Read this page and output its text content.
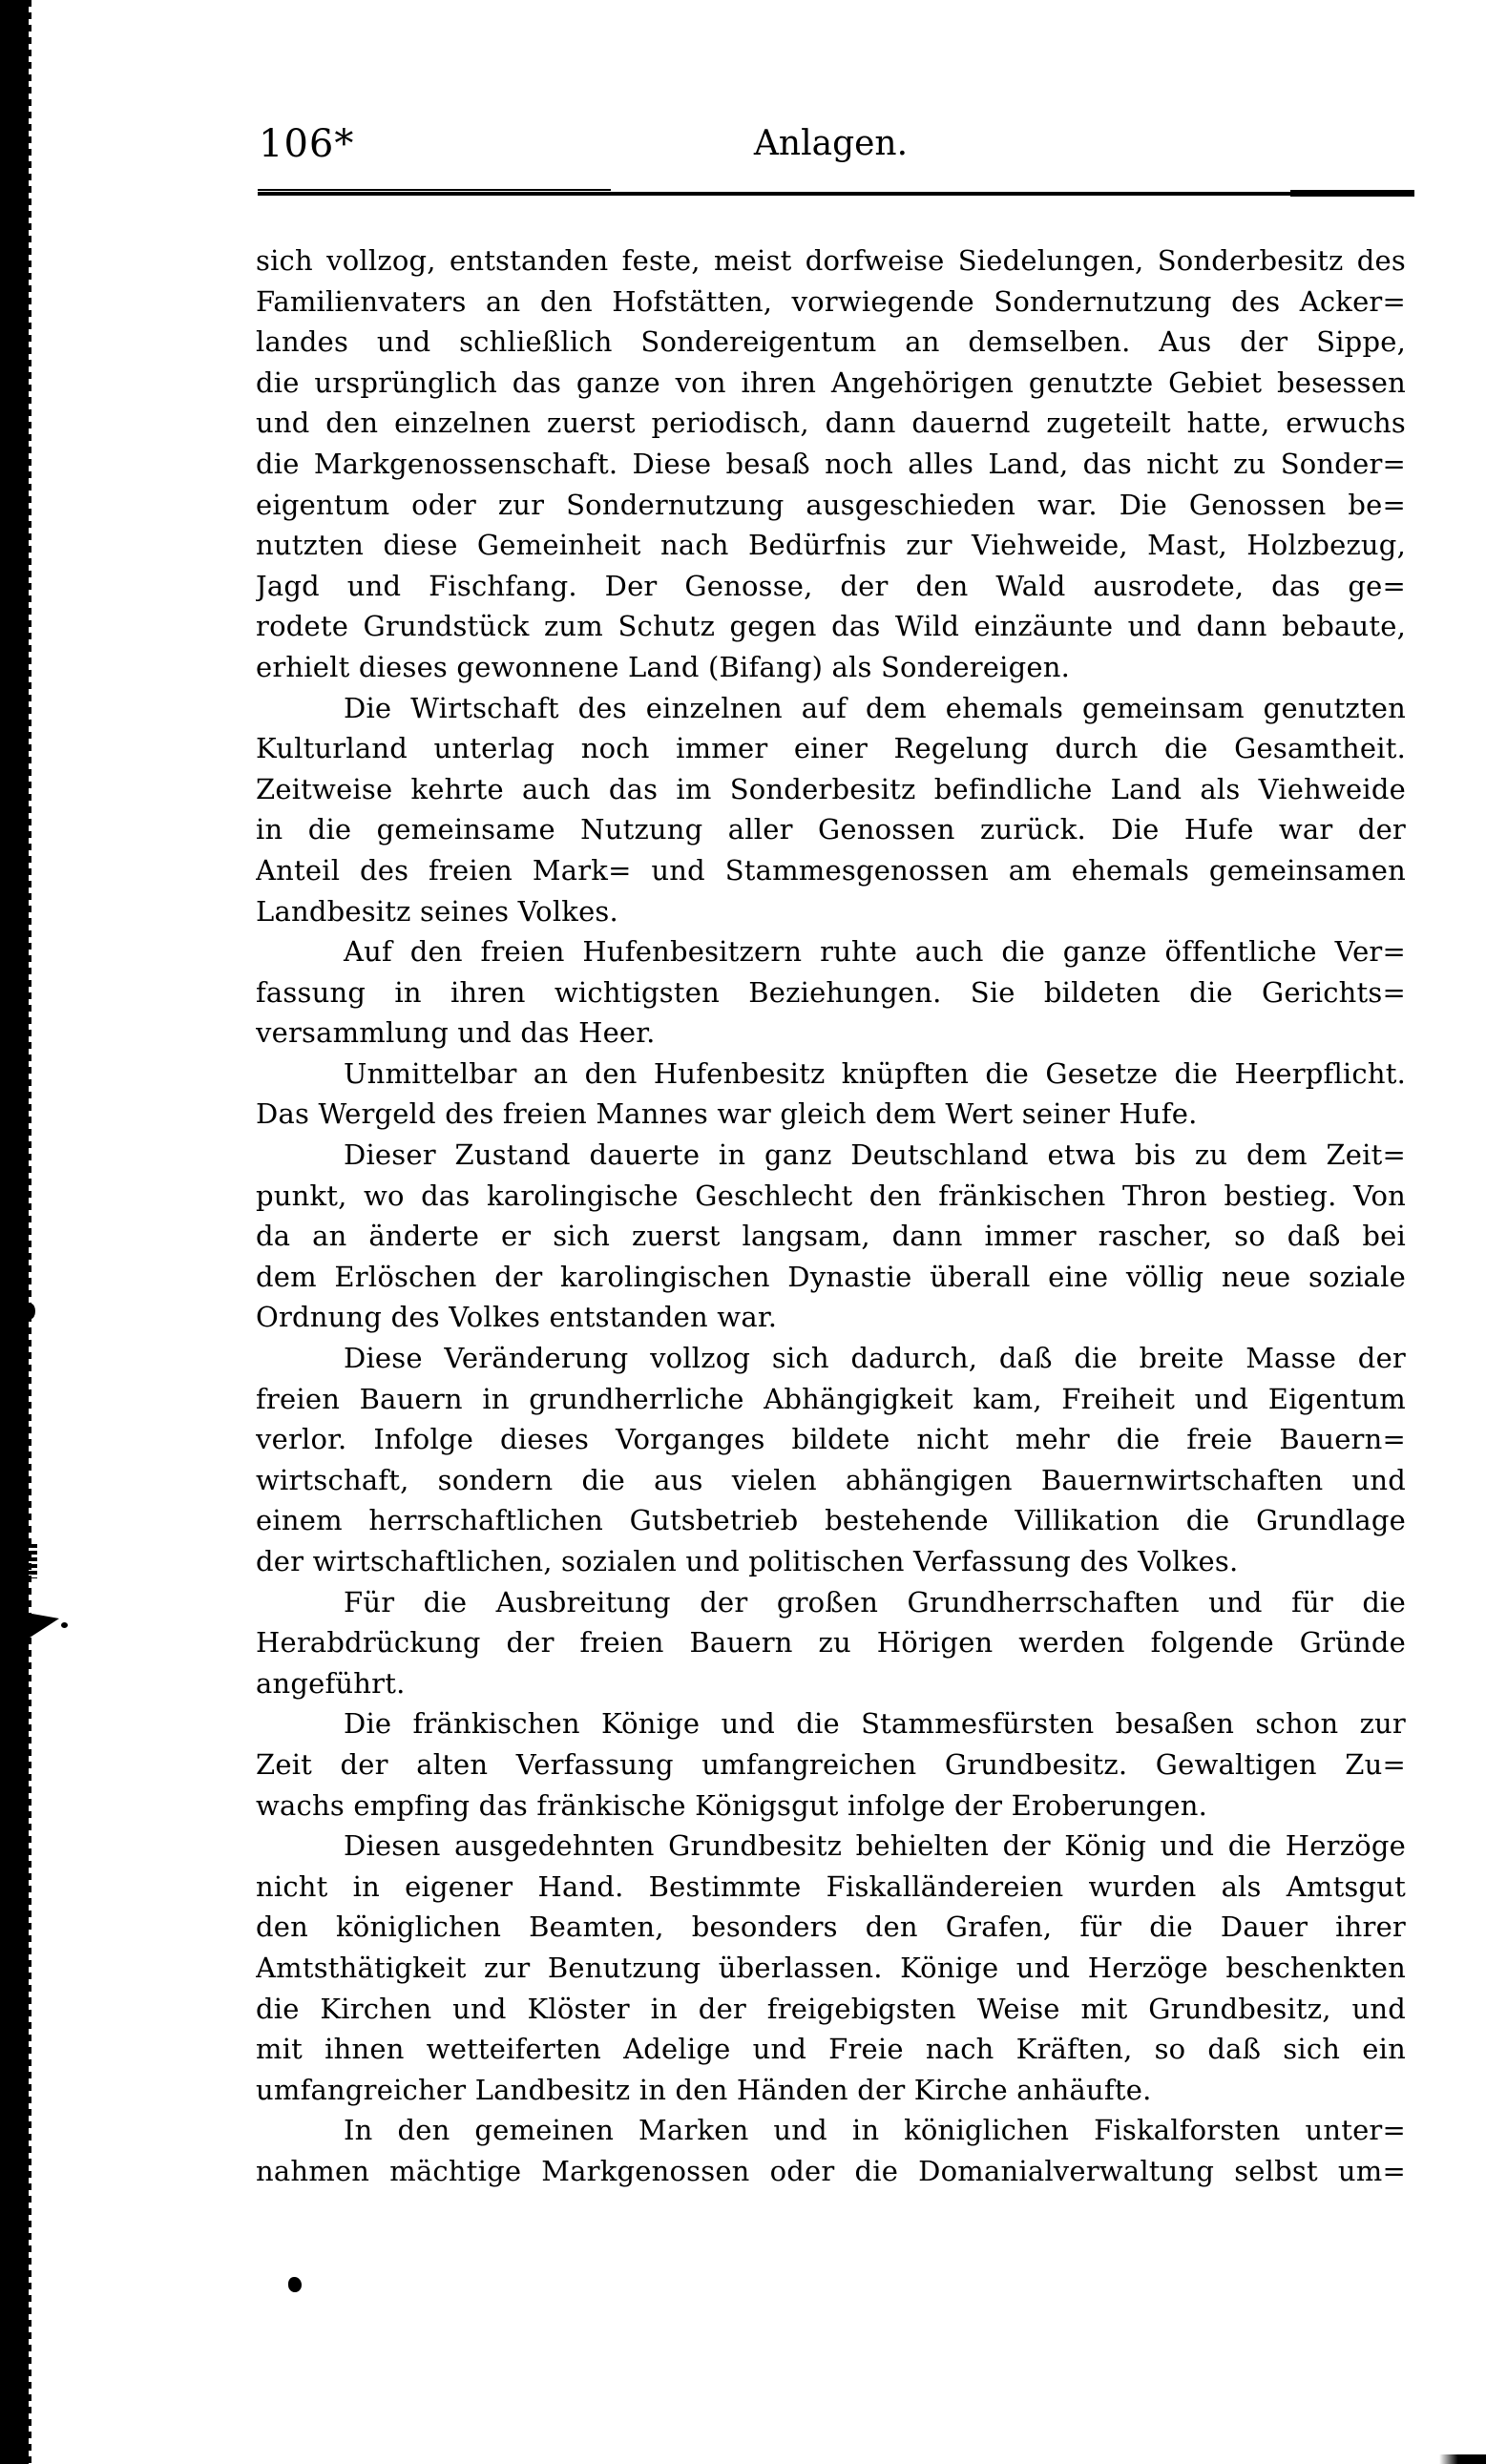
106*	Anlagen.
sich vollzog, entstanden feste, meist dorfweise Siedelungen, Sonderbesitz des
Familienvaters an den Hofstätten, vorwiegende Sondernutzung des Acker=
landes und schließlich Sondereigentum an demselben. Aus der Sippe,
die ursprünglich das ganze von ihren Angehörigen genutzte Gebiet besessen
und den einzelnen zuerst periodisch, dann dauernd zugeteilt hatte, erwuchs
die Markgenossenschaft. Diese besaß noch alles Land, das nicht zu Sonder=
eigentum oder zur Sondernutzung ausgeschieden war. Die Genossen be=
nutzten diese Gemeinheit nach Bedürfnis zur Viehweide, Mast, Holzbezug,
Jagd und Fischfang. Der Genosse, der den Wald ausrodete, das ge=
rodete Grundstück zum Schutz gegen das Wild einzäunte und dann bebaute,
erhielt dieses gewonnene Land (Bifang) als Sondereigen.
Die Wirtschaft des einzelnen auf dem ehemals gemeinsam genutzten
Kulturland unterlag noch immer einer Regelung durch die Gesamtheit.
Zeitweise kehrte auch das im Sonderbesitz befindliche Land als Viehweide
in die gemeinsame Nutzung aller Genossen zurück. Die Hufe war der
Anteil des freien Mark= und Stammesgenossen am ehemals gemeinsamen
Landbesitz seines Volkes.
Auf den freien Hufenbesitzern ruhte auch die ganze öffentliche Ver=
fassung in ihren wichtigsten Beziehungen. Sie bildeten die Gerichts=
versammlung und das Heer.
Unmittelbar an den Hufenbesitz knüpften die Gesetze die Heerpflicht.
Das Wergeld des freien Mannes war gleich dem Wert seiner Hufe.
Dieser Zustand dauerte in ganz Deutschland etwa bis zu dem Zeit=
punkt, wo das karolingische Geschlecht den fränkischen Thron bestieg. Von
da an änderte er sich zuerst langsam, dann immer rascher, so daß bei
dem Erlöschen der karolingischen Dynastie überall eine völlig neue soziale
Ordnung des Volkes entstanden war.
Diese Veränderung vollzog sich dadurch, daß die breite Masse der
freien Bauern in grundherrliche Abhängigkeit kam, Freiheit und Eigentum
verlor. Infolge dieses Vorganges bildete nicht mehr die freie Bauern=
wirtschaft, sondern die aus vielen abhängigen Bauernwirtschaften und
einem herrschaftlichen Gutsbetrieb bestehende Villikation die Grundlage
der wirtschaftlichen, sozialen und politischen Verfassung des Volkes.
Für die Ausbreitung der großen Grundherrschaften und für die
Herabdrückung der freien Bauern zu Hörigen werden folgende Gründe
angeführt.
Die fränkischen Könige und die Stammesfürsten besaßen schon zur
Zeit der alten Verfassung umfangreichen Grundbesitz. Gewaltigen Zu=
wachs empfing das fränkische Königsgut infolge der Eroberungen.
Diesen ausgedehnten Grundbesitz behielten der König und die Herzöge
nicht in eigener Hand. Bestimmte Fiskalländereien wurden als Amtsgut
den königlichen Beamten, besonders den Grafen, für die Dauer ihrer
Amtsthätigkeit zur Benutzung überlassen. Könige und Herzöge beschenkten
die Kirchen und Klöster in der freigebigsten Weise mit Grundbesitz, und
mit ihnen wetteiferten Adelige und Freie nach Kräften, so daß sich ein
umfangreicher Landbesitz in den Händen der Kirche anhäufte.
In den gemeinen Marken und in königlichen Fiskalforsten unter=
nahmen mächtige Markgenossen oder die Domanialverwaltung selbst um=
